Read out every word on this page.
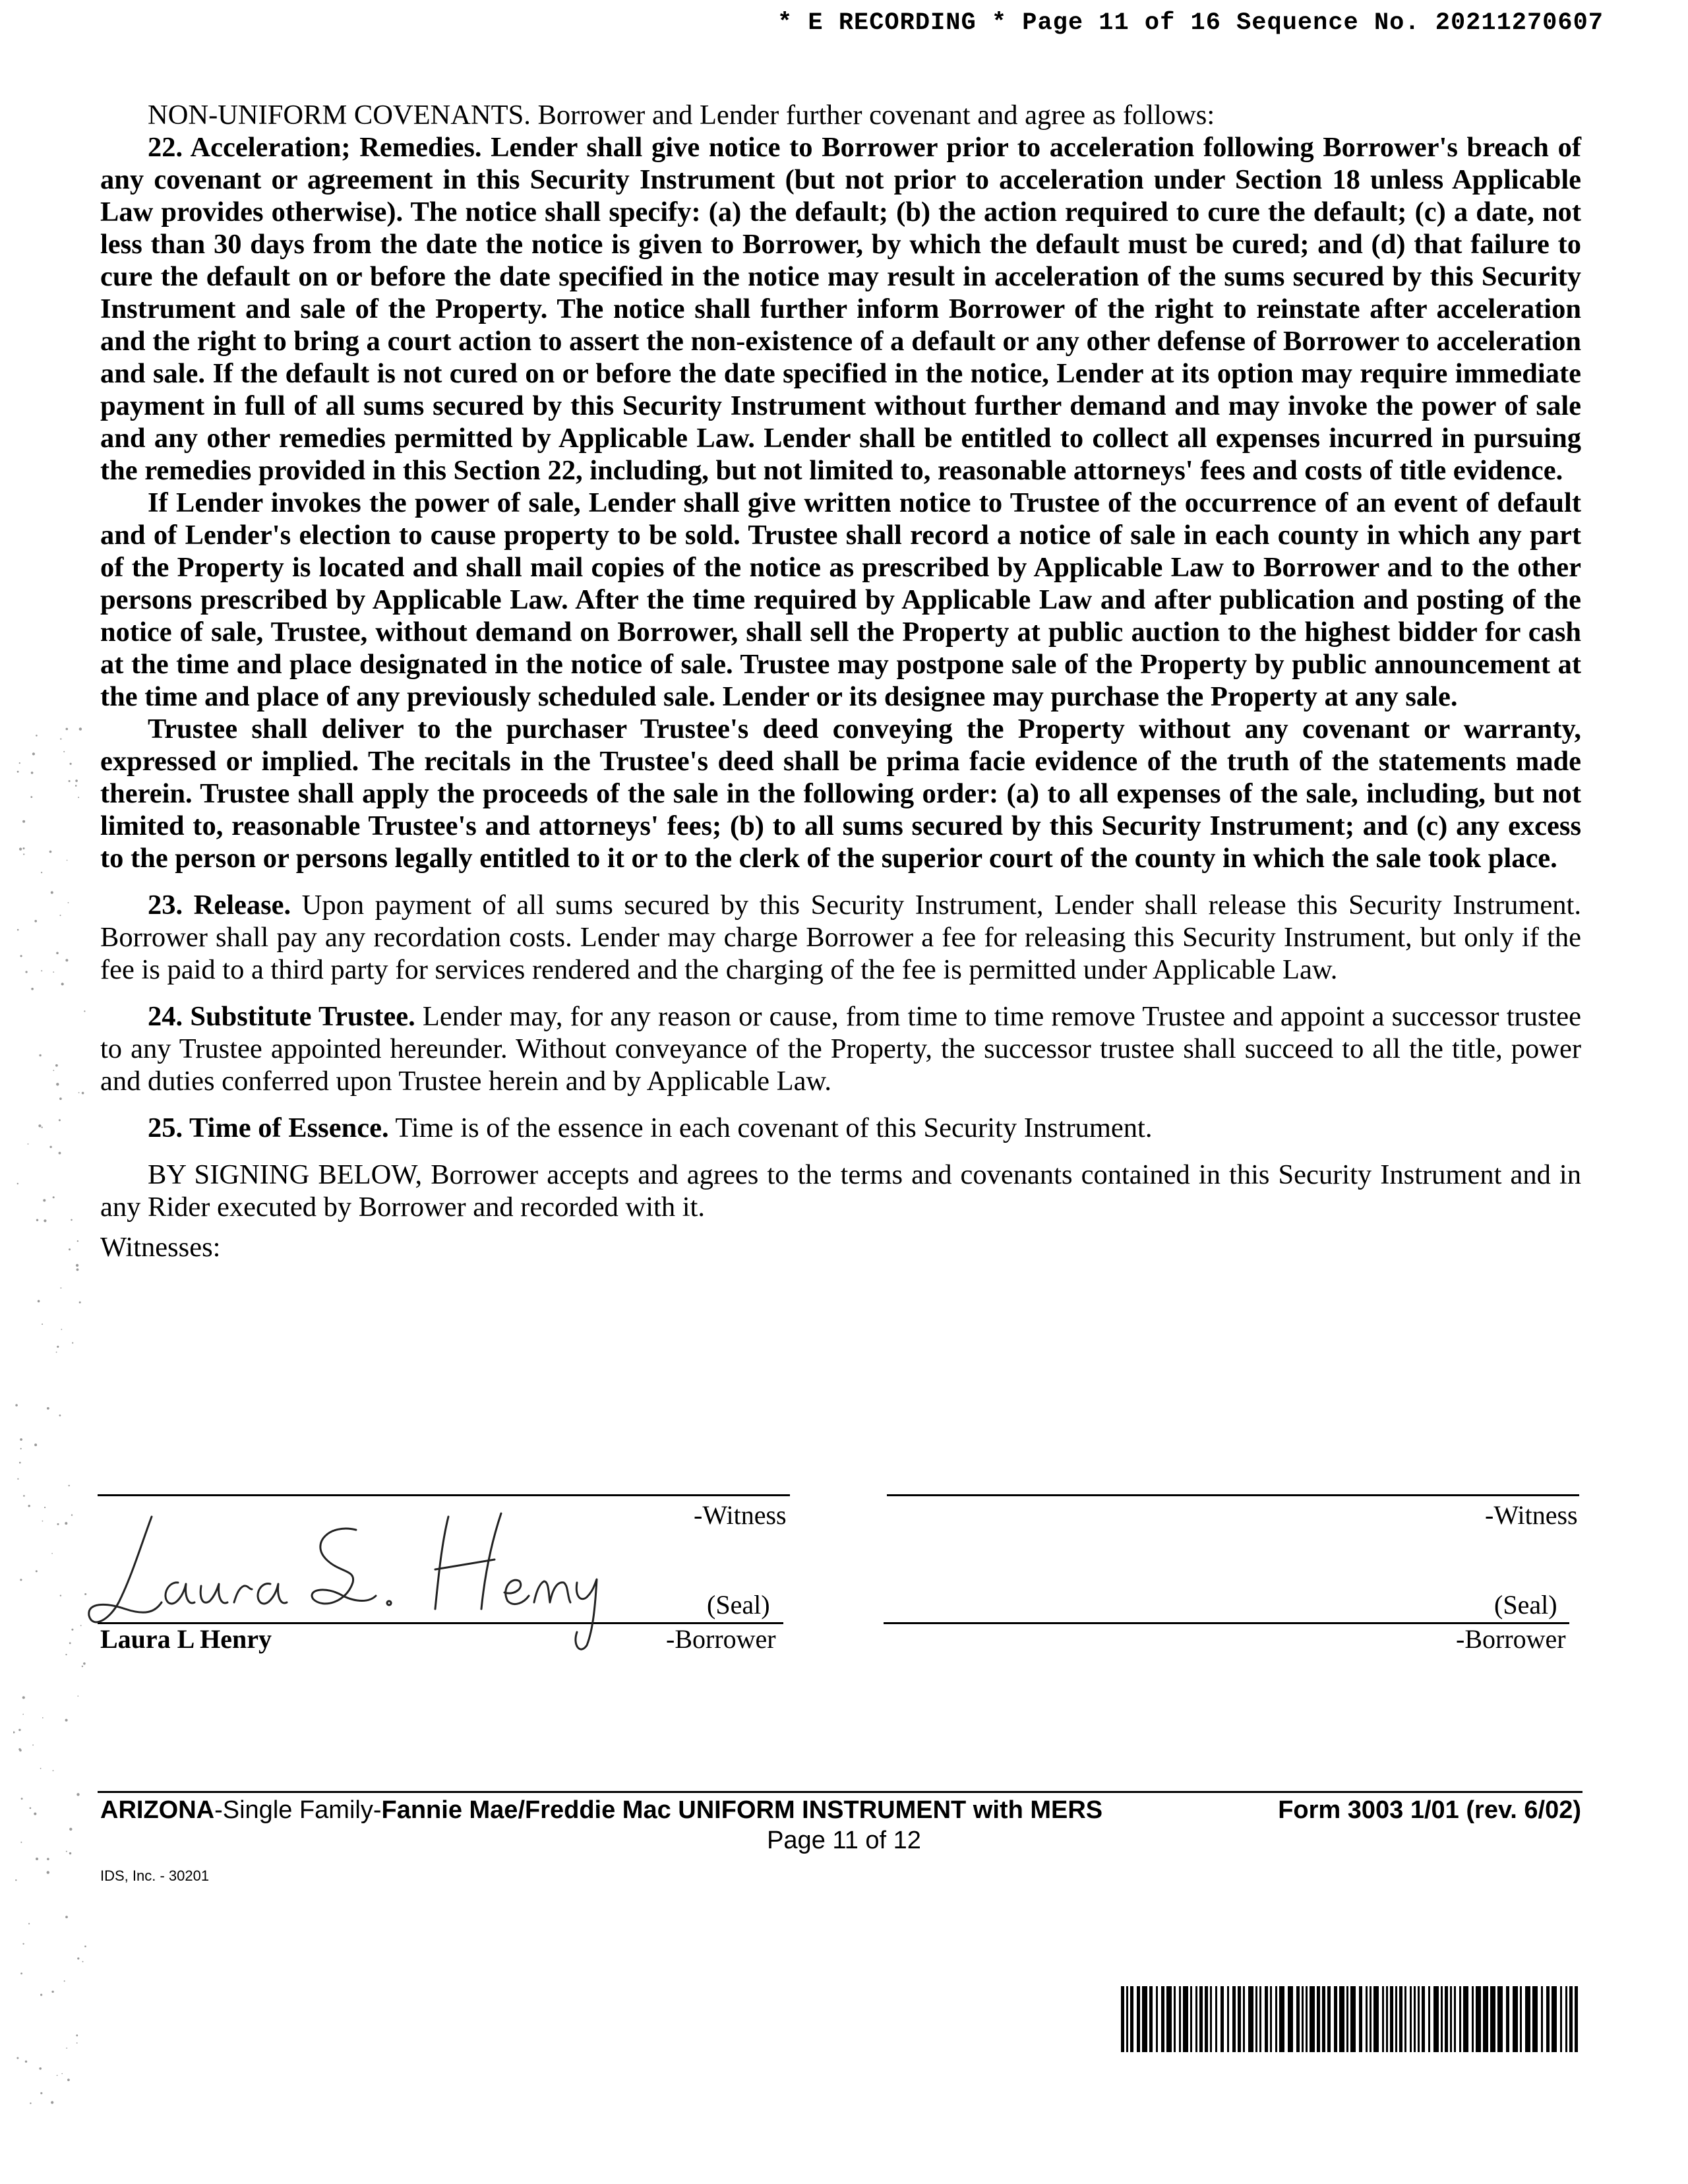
* E RECORDING * Page 11 of 16 Sequence No. 20211270607

NON-UNIFORM COVENANTS. Borrower and Lender further covenant and agree as follows:

22. Acceleration; Remedies. Lender shall give notice to Borrower prior to acceleration following Borrower's breach of any covenant or agreement in this Security Instrument (but not prior to acceleration under Section 18 unless Applicable Law provides otherwise). The notice shall specify: (a) the default; (b) the action required to cure the default; (c) a date, not less than 30 days from the date the notice is given to Borrower, by which the default must be cured; and (d) that failure to cure the default on or before the date specified in the notice may result in acceleration of the sums secured by this Security Instrument and sale of the Property. The notice shall further inform Borrower of the right to reinstate after acceleration and the right to bring a court action to assert the non-existence of a default or any other defense of Borrower to acceleration and sale. If the default is not cured on or before the date specified in the notice, Lender at its option may require immediate payment in full of all sums secured by this Security Instrument without further demand and may invoke the power of sale and any other remedies permitted by Applicable Law. Lender shall be entitled to collect all expenses incurred in pursuing the remedies provided in this Section 22, including, but not limited to, reasonable attorneys' fees and costs of title evidence.

If Lender invokes the power of sale, Lender shall give written notice to Trustee of the occurrence of an event of default and of Lender's election to cause property to be sold. Trustee shall record a notice of sale in each county in which any part of the Property is located and shall mail copies of the notice as prescribed by Applicable Law to Borrower and to the other persons prescribed by Applicable Law. After the time required by Applicable Law and after publication and posting of the notice of sale, Trustee, without demand on Borrower, shall sell the Property at public auction to the highest bidder for cash at the time and place designated in the notice of sale. Trustee may postpone sale of the Property by public announcement at the time and place of any previously scheduled sale. Lender or its designee may purchase the Property at any sale.

Trustee shall deliver to the purchaser Trustee's deed conveying the Property without any covenant or warranty, expressed or implied. The recitals in the Trustee's deed shall be prima facie evidence of the truth of the statements made therein. Trustee shall apply the proceeds of the sale in the following order: (a) to all expenses of the sale, including, but not limited to, reasonable Trustee's and attorneys' fees; (b) to all sums secured by this Security Instrument; and (c) any excess to the person or persons legally entitled to it or to the clerk of the superior court of the county in which the sale took place.

23. Release. Upon payment of all sums secured by this Security Instrument, Lender shall release this Security Instrument. Borrower shall pay any recordation costs. Lender may charge Borrower a fee for releasing this Security Instrument, but only if the fee is paid to a third party for services rendered and the charging of the fee is permitted under Applicable Law.

24. Substitute Trustee. Lender may, for any reason or cause, from time to time remove Trustee and appoint a successor trustee to any Trustee appointed hereunder. Without conveyance of the Property, the successor trustee shall succeed to all the title, power and duties conferred upon Trustee herein and by Applicable Law.

25. Time of Essence. Time is of the essence in each covenant of this Security Instrument.

BY SIGNING BELOW, Borrower accepts and agrees to the terms and covenants contained in this Security Instrument and in any Rider executed by Borrower and recorded with it.

Witnesses:

-Witness	-Witness
(Seal)
-Borrower
Laura L Henry
(Seal)
-Borrower
ARIZONA-Single Family-Fannie Mae/Freddie Mac UNIFORM INSTRUMENT with MERS	Form 3003 1/01 (rev. 6/02)
Page 11 of 12
IDS, Inc. - 30201
